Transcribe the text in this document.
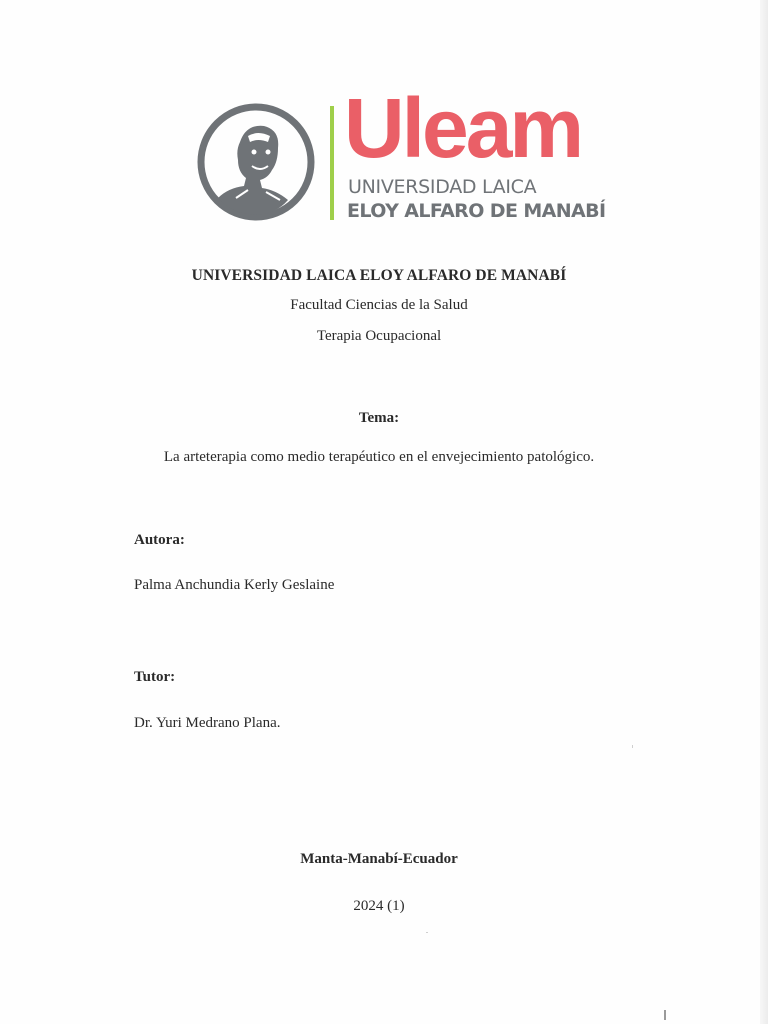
Uleam
UNIVERSIDAD LAICA
ELOY ALFARO DE MANABÍ
UNIVERSIDAD LAICA ELOY ALFARO DE MANABÍ
Facultad Ciencias de la Salud
Terapia Ocupacional
Tema:
La arteterapia como medio terapéutico en el envejecimiento patológico.
Autora:
Palma Anchundia Kerly Geslaine
Tutor:
Dr. Yuri Medrano Plana.
Manta-Manabí-Ecuador
2024 (1)
